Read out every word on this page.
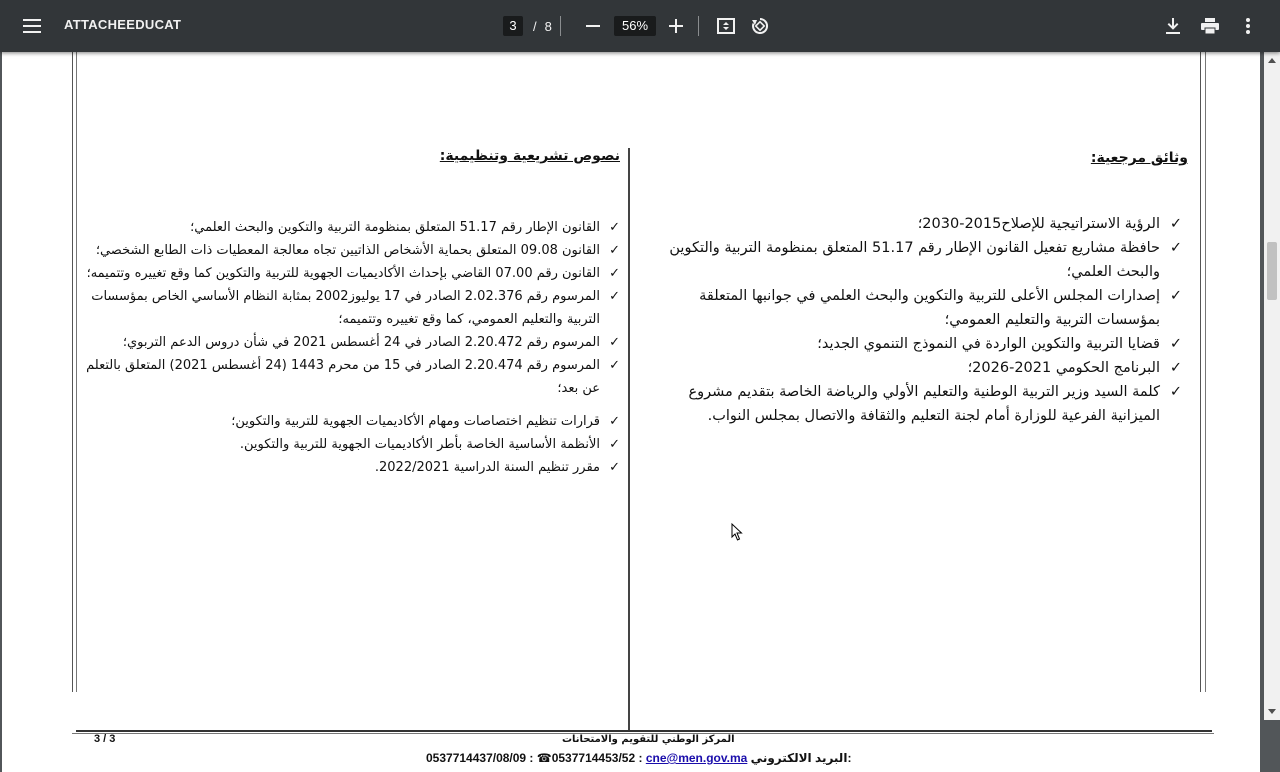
ATTACHEEDUCAT	3	/ 8	56%
وثائق مرجعية:
✓
الرؤية الاستراتيجية للإصلاح2015-2030؛
✓
حافظة مشاريع تفعيل القانون الإطار رقم 51.17 المتعلق بمنظومة التربية والتكوين والبحث العلمي؛
✓
إصدارات المجلس الأعلى للتربية والتكوين والبحث العلمي في جوانبها المتعلقة بمؤسسات التربية والتعليم العمومي؛
✓
قضايا التربية والتكوين الواردة في النموذج التنموي الجديد؛
✓
البرنامج الحكومي 2021-2026؛
✓
كلمة السيد وزير التربية الوطنية والتعليم الأولي والرياضة الخاصة بتقديم مشروع الميزانية الفرعية للوزارة أمام لجنة التعليم والثقافة والاتصال بمجلس النواب.
نصوص تشريعية وتنظيمية:
✓
القانون الإطار رقم 51.17 المتعلق بمنظومة التربية والتكوين والبحث العلمي؛
✓
القانون 09.08 المتعلق بحماية الأشخاص الذاتيين تجاه معالجة المعطيات ذات الطابع الشخصي؛
✓
القانون رقم 07.00 القاضي بإحداث الأكاديميات الجهوية للتربية والتكوين كما وقع تغييره وتتميمه؛
✓
المرسوم رقم 2.02.376 الصادر في 17 يوليوز2002 بمثابة النظام الأساسي الخاص بمؤسسات التربية والتعليم العمومي، كما وقع تغييره وتتميمه؛
✓
المرسوم رقم 2.20.472 الصادر في 24 أغسطس 2021 في شأن دروس الدعم التربوي؛
✓
المرسوم رقم 2.20.474 الصادر في 15 من محرم 1443 (24 أغسطس 2021) المتعلق بالتعلم عن بعد؛
✓
قرارات تنظيم اختصاصات ومهام الأكاديميات الجهوية للتربية والتكوين؛
✓
الأنظمة الأساسية الخاصة بأطر الأكاديميات الجهوية للتربية والتكوين.
✓
مقرر تنظيم السنة الدراسية 2022/2021.
3 / 3	المركز الوطني للتقويم والامتحانات
0537714437/08/09 : ☎0537714453/52 : cne@men.gov.ma البريد الالكتروني:
